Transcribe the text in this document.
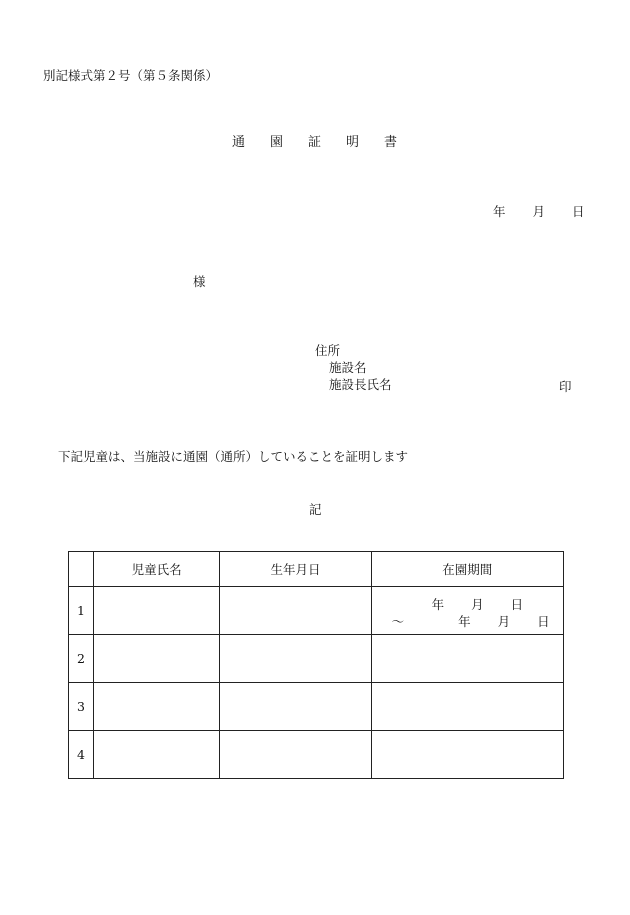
別記様式第２号（第５条関係）
通 園 証 明 書
年 月 日
様
住所
施設名
施設長氏名	印
下記児童は、当施設に通園（通所）していることを証明します
記
	児童氏名	生年月日	在園期間
1			年 月 日
～ 年 月 日

2			
3			
4			
